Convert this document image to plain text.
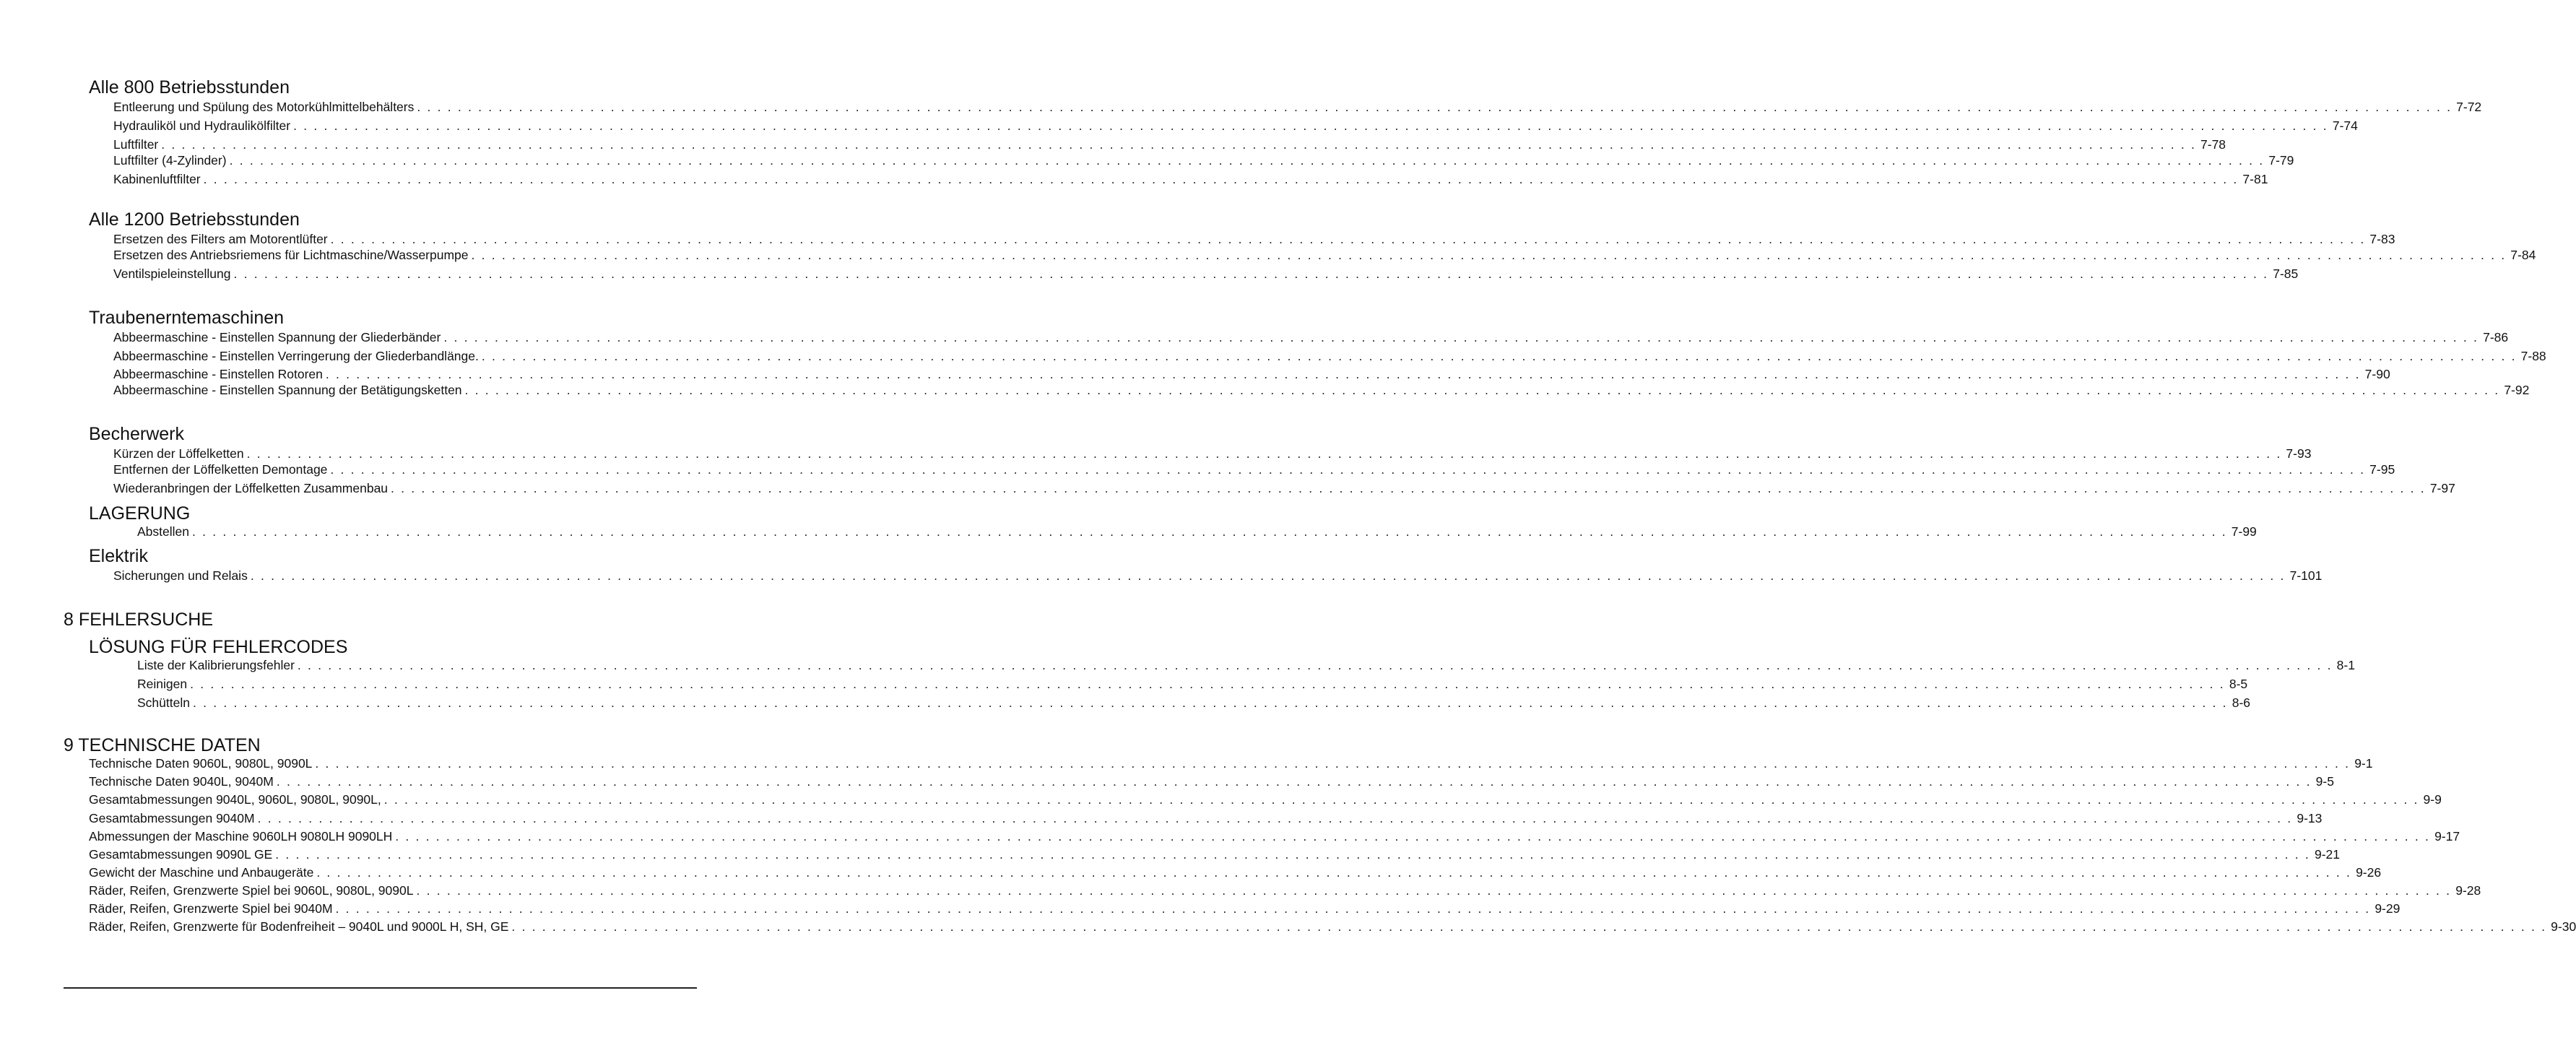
Alle 800 Betriebsstunden
Entleerung und Spülung des Motorkühlmittelbehälters . . . . . . . . . . . . . . . . . . . . . . . . . . . . . . . . . . . . . . . . . . . . . . . . . . . . . . . . . . . . . . . . . . . . . . . . . . . . . . . . . . . . . . . . . . . . . . . . . . . . . . . . . . . . . . . . . . . . . . . . . . . . . . . . . . . . . . . . . . . . . . . . . . . . . . . . . . . . . . . . . . . . . . . . . . . . . . . . . . . . . . . . . . . . . . . . . . . . . . . . 7-72
Hydrauliköl und Hydraulikölfilter . . . . . . . . . . . . . . . . . . . . . . . . . . . . . . . . . . . . . . . . . . . . . . . . . . . . . . . . . . . . . . . . . . . . . . . . . . . . . . . . . . . . . . . . . . . . . . . . . . . . . . . . . . . . . . . . . . . . . . . . . . . . . . . . . . . . . . . . . . . . . . . . . . . . . . . . . . . . . . . . . . . . . . . . . . . . . . . . . . . . . . . . . . . . . . . . . . . . . . . . 7-74
Luftfilter . . . . . . . . . . . . . . . . . . . . . . . . . . . . . . . . . . . . . . . . . . . . . . . . . . . . . . . . . . . . . . . . . . . . . . . . . . . . . . . . . . . . . . . . . . . . . . . . . . . . . . . . . . . . . . . . . . . . . . . . . . . . . . . . . . . . . . . . . . . . . . . . . . . . . . . . . . . . . . . . . . . . . . . . . . . . . . . . . . . . . . . . . . . . . . . . . . . . . . . . 7-78
Luftfilter (4-Zylinder) . . . . . . . . . . . . . . . . . . . . . . . . . . . . . . . . . . . . . . . . . . . . . . . . . . . . . . . . . . . . . . . . . . . . . . . . . . . . . . . . . . . . . . . . . . . . . . . . . . . . . . . . . . . . . . . . . . . . . . . . . . . . . . . . . . . . . . . . . . . . . . . . . . . . . . . . . . . . . . . . . . . . . . . . . . . . . . . . . . . . . . . . . . . . . . . . . . . . . . . . 7-79
Kabinenluftfilter . . . . . . . . . . . . . . . . . . . . . . . . . . . . . . . . . . . . . . . . . . . . . . . . . . . . . . . . . . . . . . . . . . . . . . . . . . . . . . . . . . . . . . . . . . . . . . . . . . . . . . . . . . . . . . . . . . . . . . . . . . . . . . . . . . . . . . . . . . . . . . . . . . . . . . . . . . . . . . . . . . . . . . . . . . . . . . . . . . . . . . . . . . . . . . . . . . . . . . . . 7-81
Alle 1200 Betriebsstunden
Ersetzen des Filters am Motorentlüfter . . . . . . . . . . . . . . . . . . . . . . . . . . . . . . . . . . . . . . . . . . . . . . . . . . . . . . . . . . . . . . . . . . . . . . . . . . . . . . . . . . . . . . . . . . . . . . . . . . . . . . . . . . . . . . . . . . . . . . . . . . . . . . . . . . . . . . . . . . . . . . . . . . . . . . . . . . . . . . . . . . . . . . . . . . . . . . . . . . . . . . . . . . . . . . . . . . . . . . . . 7-83
Ersetzen des Antriebsriemens für Lichtmaschine/Wasserpumpe . . . . . . . . . . . . . . . . . . . . . . . . . . . . . . . . . . . . . . . . . . . . . . . . . . . . . . . . . . . . . . . . . . . . . . . . . . . . . . . . . . . . . . . . . . . . . . . . . . . . . . . . . . . . . . . . . . . . . . . . . . . . . . . . . . . . . . . . . . . . . . . . . . . . . . . . . . . . . . . . . . . . . . . . . . . . . . . . . . . . . . . . . . . . . . . . . . . . . . . . 7-84
Ventilspieleinstellung . . . . . . . . . . . . . . . . . . . . . . . . . . . . . . . . . . . . . . . . . . . . . . . . . . . . . . . . . . . . . . . . . . . . . . . . . . . . . . . . . . . . . . . . . . . . . . . . . . . . . . . . . . . . . . . . . . . . . . . . . . . . . . . . . . . . . . . . . . . . . . . . . . . . . . . . . . . . . . . . . . . . . . . . . . . . . . . . . . . . . . . . . . . . . . . . . . . . . . . . 7-85
Traubenerntemaschinen
Abbeermaschine - Einstellen Spannung der Gliederbänder . . . . . . . . . . . . . . . . . . . . . . . . . . . . . . . . . . . . . . . . . . . . . . . . . . . . . . . . . . . . . . . . . . . . . . . . . . . . . . . . . . . . . . . . . . . . . . . . . . . . . . . . . . . . . . . . . . . . . . . . . . . . . . . . . . . . . . . . . . . . . . . . . . . . . . . . . . . . . . . . . . . . . . . . . . . . . . . . . . . . . . . . . . . . . . . . . . . . . . . . 7-86
Abbeermaschine - Einstellen Verringerung der Gliederbandlänge. . . . . . . . . . . . . . . . . . . . . . . . . . . . . . . . . . . . . . . . . . . . . . . . . . . . . . . . . . . . . . . . . . . . . . . . . . . . . . . . . . . . . . . . . . . . . . . . . . . . . . . . . . . . . . . . . . . . . . . . . . . . . . . . . . . . . . . . . . . . . . . . . . . . . . . . . . . . . . . . . . . . . . . . . . . . . . . . . . . . . . . . . . . . . . . . . . . . . . . . . 7-88
Abbeermaschine - Einstellen Rotoren . . . . . . . . . . . . . . . . . . . . . . . . . . . . . . . . . . . . . . . . . . . . . . . . . . . . . . . . . . . . . . . . . . . . . . . . . . . . . . . . . . . . . . . . . . . . . . . . . . . . . . . . . . . . . . . . . . . . . . . . . . . . . . . . . . . . . . . . . . . . . . . . . . . . . . . . . . . . . . . . . . . . . . . . . . . . . . . . . . . . . . . . . . . . . . . . . . . . . . . . 7-90
Abbeermaschine - Einstellen Spannung der Betätigungsketten . . . . . . . . . . . . . . . . . . . . . . . . . . . . . . . . . . . . . . . . . . . . . . . . . . . . . . . . . . . . . . . . . . . . . . . . . . . . . . . . . . . . . . . . . . . . . . . . . . . . . . . . . . . . . . . . . . . . . . . . . . . . . . . . . . . . . . . . . . . . . . . . . . . . . . . . . . . . . . . . . . . . . . . . . . . . . . . . . . . . . . . . . . . . . . . . . . . . . . . . 7-92
Becherwerk
Kürzen der Löffelketten . . . . . . . . . . . . . . . . . . . . . . . . . . . . . . . . . . . . . . . . . . . . . . . . . . . . . . . . . . . . . . . . . . . . . . . . . . . . . . . . . . . . . . . . . . . . . . . . . . . . . . . . . . . . . . . . . . . . . . . . . . . . . . . . . . . . . . . . . . . . . . . . . . . . . . . . . . . . . . . . . . . . . . . . . . . . . . . . . . . . . . . . . . . . . . . . . . . . . . . . 7-93
Entfernen der Löffelketten Demontage . . . . . . . . . . . . . . . . . . . . . . . . . . . . . . . . . . . . . . . . . . . . . . . . . . . . . . . . . . . . . . . . . . . . . . . . . . . . . . . . . . . . . . . . . . . . . . . . . . . . . . . . . . . . . . . . . . . . . . . . . . . . . . . . . . . . . . . . . . . . . . . . . . . . . . . . . . . . . . . . . . . . . . . . . . . . . . . . . . . . . . . . . . . . . . . . . . . . . . . . 7-95
Wiederanbringen der Löffelketten Zusammenbau . . . . . . . . . . . . . . . . . . . . . . . . . . . . . . . . . . . . . . . . . . . . . . . . . . . . . . . . . . . . . . . . . . . . . . . . . . . . . . . . . . . . . . . . . . . . . . . . . . . . . . . . . . . . . . . . . . . . . . . . . . . . . . . . . . . . . . . . . . . . . . . . . . . . . . . . . . . . . . . . . . . . . . . . . . . . . . . . . . . . . . . . . . . . . . . . . . . . . . . . 7-97
LAGERUNG
Abstellen . . . . . . . . . . . . . . . . . . . . . . . . . . . . . . . . . . . . . . . . . . . . . . . . . . . . . . . . . . . . . . . . . . . . . . . . . . . . . . . . . . . . . . . . . . . . . . . . . . . . . . . . . . . . . . . . . . . . . . . . . . . . . . . . . . . . . . . . . . . . . . . . . . . . . . . . . . . . . . . . . . . . . . . . . . . . . . . . . . . . . . . . . . . . . . . . . . . . . . . . 7-99
Elektrik
Sicherungen und Relais . . . . . . . . . . . . . . . . . . . . . . . . . . . . . . . . . . . . . . . . . . . . . . . . . . . . . . . . . . . . . . . . . . . . . . . . . . . . . . . . . . . . . . . . . . . . . . . . . . . . . . . . . . . . . . . . . . . . . . . . . . . . . . . . . . . . . . . . . . . . . . . . . . . . . . . . . . . . . . . . . . . . . . . . . . . . . . . . . . . . . . . . . . . . . . . . . . . . . . . . 7-101
8 FEHLERSUCHE
LÖSUNG FÜR FEHLERCODES
Liste der Kalibrierungsfehler . . . . . . . . . . . . . . . . . . . . . . . . . . . . . . . . . . . . . . . . . . . . . . . . . . . . . . . . . . . . . . . . . . . . . . . . . . . . . . . . . . . . . . . . . . . . . . . . . . . . . . . . . . . . . . . . . . . . . . . . . . . . . . . . . . . . . . . . . . . . . . . . . . . . . . . . . . . . . . . . . . . . . . . . . . . . . . . . . . . . . . . . . . . . . . . . . . . . . . . . 8-1
Reinigen . . . . . . . . . . . . . . . . . . . . . . . . . . . . . . . . . . . . . . . . . . . . . . . . . . . . . . . . . . . . . . . . . . . . . . . . . . . . . . . . . . . . . . . . . . . . . . . . . . . . . . . . . . . . . . . . . . . . . . . . . . . . . . . . . . . . . . . . . . . . . . . . . . . . . . . . . . . . . . . . . . . . . . . . . . . . . . . . . . . . . . . . . . . . . . . . . . . . . . . . 8-5
Schütteln . . . . . . . . . . . . . . . . . . . . . . . . . . . . . . . . . . . . . . . . . . . . . . . . . . . . . . . . . . . . . . . . . . . . . . . . . . . . . . . . . . . . . . . . . . . . . . . . . . . . . . . . . . . . . . . . . . . . . . . . . . . . . . . . . . . . . . . . . . . . . . . . . . . . . . . . . . . . . . . . . . . . . . . . . . . . . . . . . . . . . . . . . . . . . . . . . . . . . . . . 8-6
9 TECHNISCHE DATEN
Technische Daten 9060L, 9080L, 9090L . . . . . . . . . . . . . . . . . . . . . . . . . . . . . . . . . . . . . . . . . . . . . . . . . . . . . . . . . . . . . . . . . . . . . . . . . . . . . . . . . . . . . . . . . . . . . . . . . . . . . . . . . . . . . . . . . . . . . . . . . . . . . . . . . . . . . . . . . . . . . . . . . . . . . . . . . . . . . . . . . . . . . . . . . . . . . . . . . . . . . . . . . . . . . . . . . . . . . . . . 9-1
Technische Daten 9040L, 9040M . . . . . . . . . . . . . . . . . . . . . . . . . . . . . . . . . . . . . . . . . . . . . . . . . . . . . . . . . . . . . . . . . . . . . . . . . . . . . . . . . . . . . . . . . . . . . . . . . . . . . . . . . . . . . . . . . . . . . . . . . . . . . . . . . . . . . . . . . . . . . . . . . . . . . . . . . . . . . . . . . . . . . . . . . . . . . . . . . . . . . . . . . . . . . . . . . . . . . . . . 9-5
Gesamtabmessungen 9040L, 9060L, 9080L, 9090L, . . . . . . . . . . . . . . . . . . . . . . . . . . . . . . . . . . . . . . . . . . . . . . . . . . . . . . . . . . . . . . . . . . . . . . . . . . . . . . . . . . . . . . . . . . . . . . . . . . . . . . . . . . . . . . . . . . . . . . . . . . . . . . . . . . . . . . . . . . . . . . . . . . . . . . . . . . . . . . . . . . . . . . . . . . . . . . . . . . . . . . . . . . . . . . . . . . . . . . . . 9-9
Gesamtabmessungen 9040M . . . . . . . . . . . . . . . . . . . . . . . . . . . . . . . . . . . . . . . . . . . . . . . . . . . . . . . . . . . . . . . . . . . . . . . . . . . . . . . . . . . . . . . . . . . . . . . . . . . . . . . . . . . . . . . . . . . . . . . . . . . . . . . . . . . . . . . . . . . . . . . . . . . . . . . . . . . . . . . . . . . . . . . . . . . . . . . . . . . . . . . . . . . . . . . . . . . . . . . . 9-13
Abmessungen der Maschine 9060LH 9080LH 9090LH . . . . . . . . . . . . . . . . . . . . . . . . . . . . . . . . . . . . . . . . . . . . . . . . . . . . . . . . . . . . . . . . . . . . . . . . . . . . . . . . . . . . . . . . . . . . . . . . . . . . . . . . . . . . . . . . . . . . . . . . . . . . . . . . . . . . . . . . . . . . . . . . . . . . . . . . . . . . . . . . . . . . . . . . . . . . . . . . . . . . . . . . . . . . . . . . . . . . . . . . 9-17
Gesamtabmessungen 9090L GE . . . . . . . . . . . . . . . . . . . . . . . . . . . . . . . . . . . . . . . . . . . . . . . . . . . . . . . . . . . . . . . . . . . . . . . . . . . . . . . . . . . . . . . . . . . . . . . . . . . . . . . . . . . . . . . . . . . . . . . . . . . . . . . . . . . . . . . . . . . . . . . . . . . . . . . . . . . . . . . . . . . . . . . . . . . . . . . . . . . . . . . . . . . . . . . . . . . . . . . . 9-21
Gewicht der Maschine und Anbaugeräte . . . . . . . . . . . . . . . . . . . . . . . . . . . . . . . . . . . . . . . . . . . . . . . . . . . . . . . . . . . . . . . . . . . . . . . . . . . . . . . . . . . . . . . . . . . . . . . . . . . . . . . . . . . . . . . . . . . . . . . . . . . . . . . . . . . . . . . . . . . . . . . . . . . . . . . . . . . . . . . . . . . . . . . . . . . . . . . . . . . . . . . . . . . . . . . . . . . . . . . . 9-26
Räder, Reifen, Grenzwerte Spiel bei 9060L, 9080L, 9090L . . . . . . . . . . . . . . . . . . . . . . . . . . . . . . . . . . . . . . . . . . . . . . . . . . . . . . . . . . . . . . . . . . . . . . . . . . . . . . . . . . . . . . . . . . . . . . . . . . . . . . . . . . . . . . . . . . . . . . . . . . . . . . . . . . . . . . . . . . . . . . . . . . . . . . . . . . . . . . . . . . . . . . . . . . . . . . . . . . . . . . . . . . . . . . . . . . . . . . . . 9-28
Räder, Reifen, Grenzwerte Spiel bei 9040M . . . . . . . . . . . . . . . . . . . . . . . . . . . . . . . . . . . . . . . . . . . . . . . . . . . . . . . . . . . . . . . . . . . . . . . . . . . . . . . . . . . . . . . . . . . . . . . . . . . . . . . . . . . . . . . . . . . . . . . . . . . . . . . . . . . . . . . . . . . . . . . . . . . . . . . . . . . . . . . . . . . . . . . . . . . . . . . . . . . . . . . . . . . . . . . . . . . . . . . . 9-29
Räder, Reifen, Grenzwerte für Bodenfreiheit – 9040L und 9000L H, SH, GE . . . . . . . . . . . . . . . . . . . . . . . . . . . . . . . . . . . . . . . . . . . . . . . . . . . . . . . . . . . . . . . . . . . . . . . . . . . . . . . . . . . . . . . . . . . . . . . . . . . . . . . . . . . . . . . . . . . . . . . . . . . . . . . . . . . . . . . . . . . . . . . . . . . . . . . . . . . . . . . . . . . . . . . . . . . . . . . . . . . . . . . . . . . . . . . . . . . . . . . . 9-30
